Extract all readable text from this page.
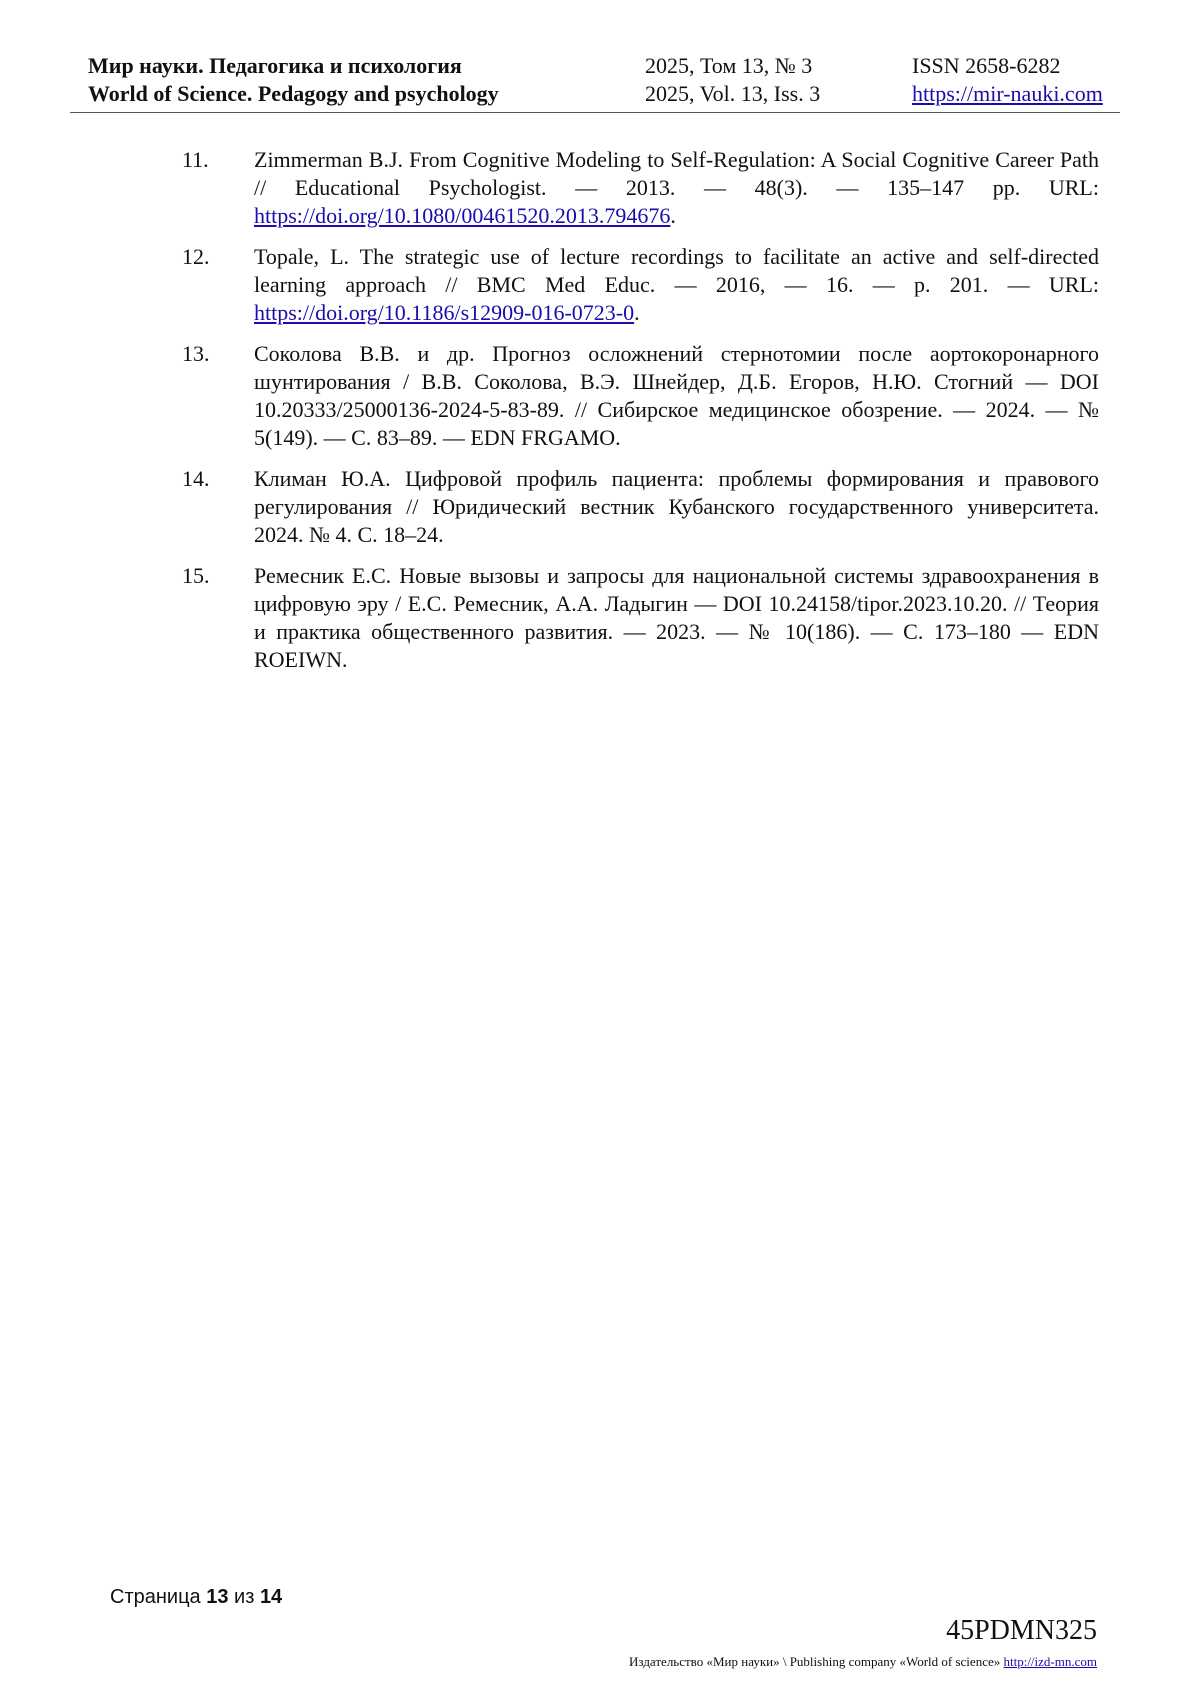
Мир науки. Педагогика и психология
World of Science. Pedagogy and psychology
2025, Том 13, № 3
2025, Vol. 13, Iss. 3
ISSN 2658-6282
https://mir-nauki.com
11. Zimmerman B.J. From Cognitive Modeling to Self-Regulation: A Social Cognitive Career Path // Educational Psychologist. — 2013. — 48(3). — 135–147 pp. URL: https://doi.org/10.1080/00461520.2013.794676.
12. Topale, L. The strategic use of lecture recordings to facilitate an active and self-directed learning approach // BMC Med Educ. — 2016, — 16. — p. 201. — URL: https://doi.org/10.1186/s12909-016-0723-0.
13. Соколова В.В. и др. Прогноз осложнений стернотомии после аортокоронарного шунтирования / В.В. Соколова, В.Э. Шнейдер, Д.Б. Егоров, Н.Ю. Стогний — DOI 10.20333/25000136-2024-5-83-89. // Сибирское медицинское обозрение. — 2024. — № 5(149). — С. 83–89. — EDN FRGAMO.
14. Климан Ю.А. Цифровой профиль пациента: проблемы формирования и правового регулирования // Юридический вестник Кубанского государственного университета. 2024. № 4. С. 18–24.
15. Ремесник Е.С. Новые вызовы и запросы для национальной системы здравоохранения в цифровую эру / Е.С. Ремесник, А.А. Ладыгин — DOI 10.24158/tipor.2023.10.20. // Теория и практика общественного развития. — 2023. — № 10(186). — С. 173–180 — EDN ROEIWN.
Страница 13 из 14
45PDMN325
Издательство «Мир науки» \ Publishing company «World of science» http://izd-mn.com
